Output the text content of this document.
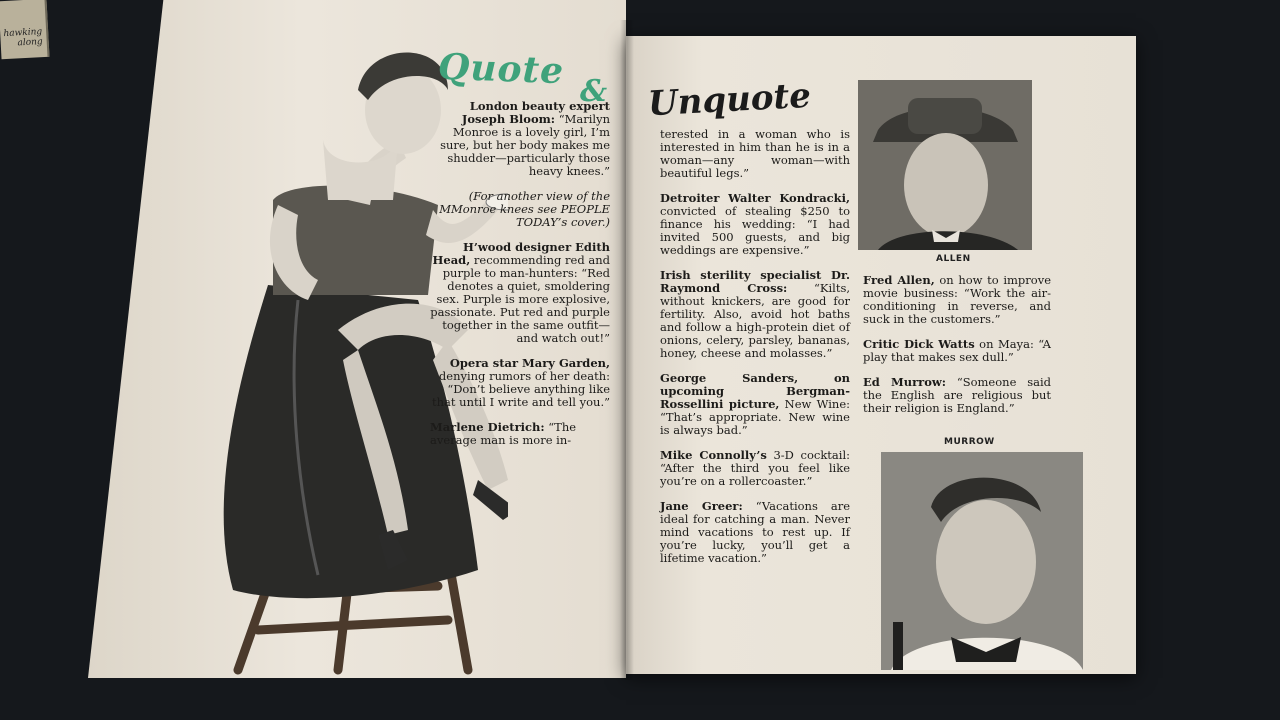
hawking
along
Quote & Unquote

London beauty expert Joseph Bloom: “Marilyn Monroe is a lovely girl, I’m sure, but her body makes me shudder—particularly those heavy knees.”

(For another view of the MMonroe knees see PEOPLE TODAY’s cover.)

H’wood designer Edith Head, recommending red and purple to man-hunters: “Red denotes a quiet, smoldering sex. Purple is more explosive, passionate. Put red and purple together in the same outfit—and watch out!”

Opera star Mary Garden, denying rumors of her death: “Don’t believe anything like that until I write and tell you.”

Marlene Dietrich: “The average man is more in-

terested in a woman who is interested in him than he is in a woman—any woman—with beautiful legs.”

Detroiter Walter Kondracki, convicted of stealing $250 to finance his wedding: “I had invited 500 guests, and big weddings are expensive.”

Irish sterility specialist Dr. Raymond Cross: “Kilts, without knickers, are good for fertility. Also, avoid hot baths and follow a high-protein diet of onions, celery, parsley, bananas, honey, cheese and molasses.”

George Sanders, on upcoming Bergman-Rossellini picture, New Wine: “That’s appropriate. New wine is always bad.”

Mike Connolly’s 3-D cocktail: “After the third you feel like you’re on a rollercoaster.”

Jane Greer: “Vacations are ideal for catching a man. Never mind vacations to rest up. If you’re lucky, you’ll get a lifetime vacation.”

ALLEN

Fred Allen, on how to improve movie business: “Work the air-conditioning in reverse, and suck in the customers.”

Critic Dick Watts on Maya: “A play that makes sex dull.”

Ed Murrow: “Someone said the English are religious but their religion is England.”

MURROW
